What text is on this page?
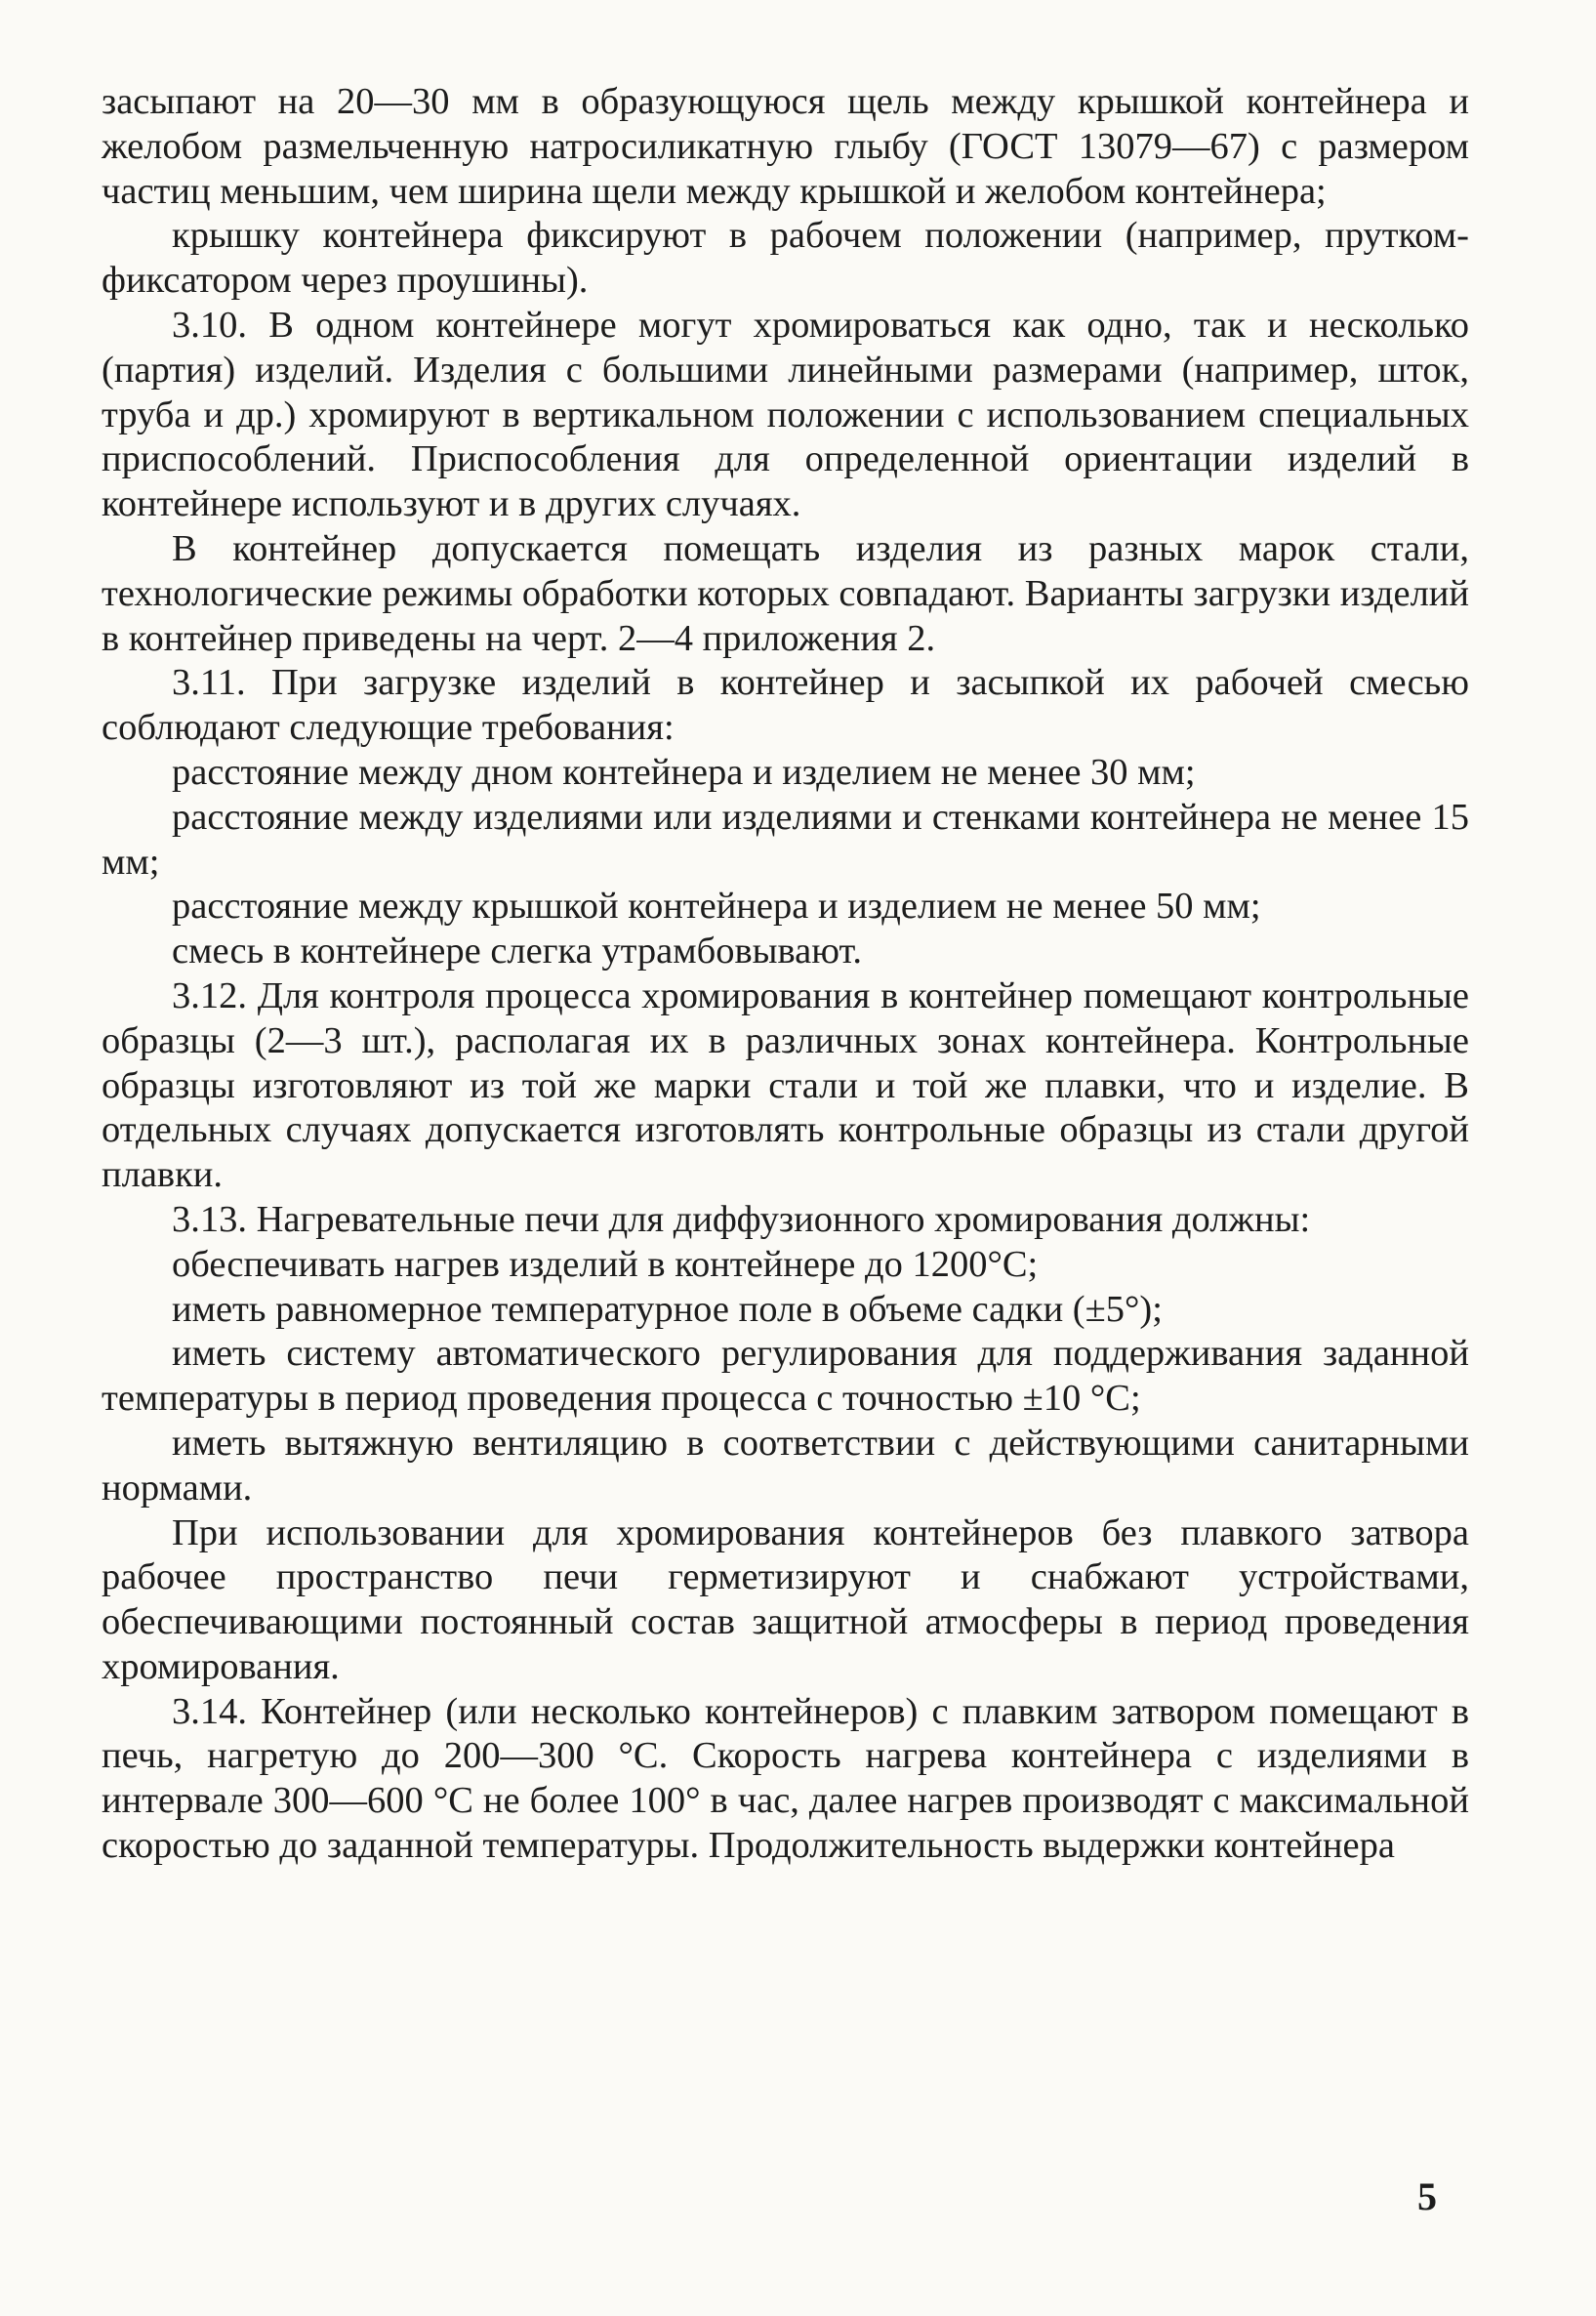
засыпают на 20—30 мм в образующуюся щель между крышкой контейнера и желобом размельченную натросиликатную глыбу (ГОСТ 13079—67) с размером частиц меньшим, чем ширина щели между крышкой и желобом контейнера;

крышку контейнера фиксируют в рабочем положении (например, прутком-фиксатором через проушины).

3.10. В одном контейнере могут хромироваться как одно, так и несколько (партия) изделий. Изделия с большими линейными размерами (например, шток, труба и др.) хромируют в вертикальном положении с использованием специальных приспособлений. Приспособления для определенной ориентации изделий в контейнере используют и в других случаях.

В контейнер допускается помещать изделия из разных марок стали, технологические режимы обработки которых совпадают. Варианты загрузки изделий в контейнер приведены на черт. 2—4 приложения 2.

3.11. При загрузке изделий в контейнер и засыпкой их рабочей смесью соблюдают следующие требования:

расстояние между дном контейнера и изделием не менее 30 мм;

расстояние между изделиями или изделиями и стенками контейнера не менее 15 мм;

расстояние между крышкой контейнера и изделием не менее 50 мм;

смесь в контейнере слегка утрамбовывают.

3.12. Для контроля процесса хромирования в контейнер помещают контрольные образцы (2—3 шт.), располагая их в различных зонах контейнера. Контрольные образцы изготовляют из той же марки стали и той же плавки, что и изделие. В отдельных случаях допускается изготовлять контрольные образцы из стали другой плавки.

3.13. Нагревательные печи для диффузионного хромирования должны:

обеспечивать нагрев изделий в контейнере до 1200°С;

иметь равномерное температурное поле в объеме садки (±5°);

иметь систему автоматического регулирования для поддерживания заданной температуры в период проведения процесса с точностью ±10 °С;

иметь вытяжную вентиляцию в соответствии с действующими санитарными нормами.

При использовании для хромирования контейнеров без плавкого затвора рабочее пространство печи герметизируют и снабжают устройствами, обеспечивающими постоянный состав защитной атмосферы в период проведения хромирования.

3.14. Контейнер (или несколько контейнеров) с плавким затвором помещают в печь, нагретую до 200—300 °С. Скорость нагрева контейнера с изделиями в интервале 300—600 °С не более 100° в час, далее нагрев производят с максимальной скоростью до заданной температуры. Продолжительность выдержки контейнера

5
